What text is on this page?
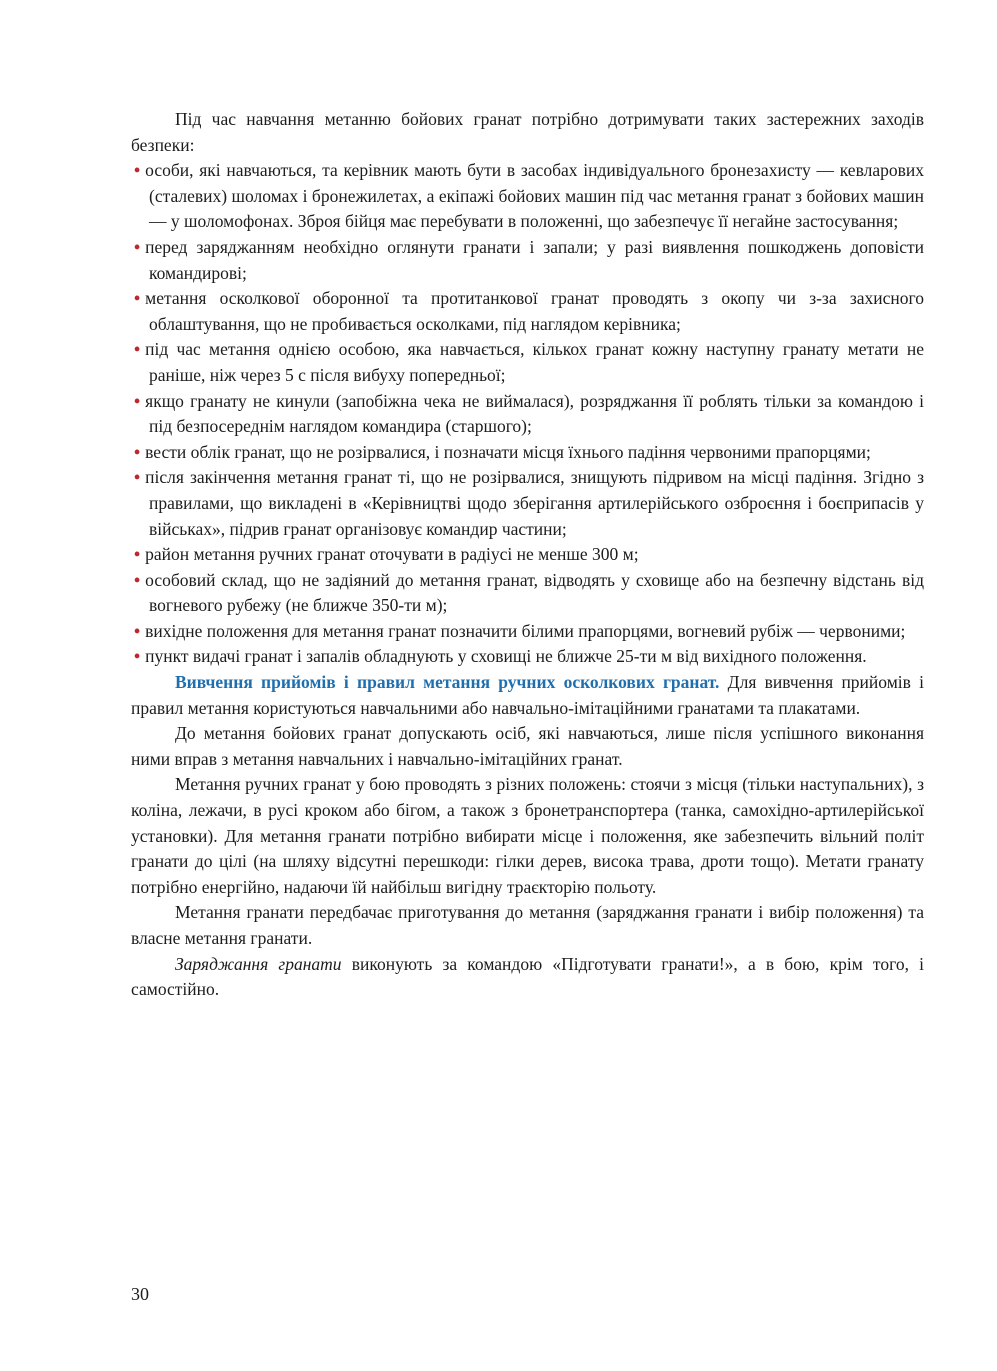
Під час навчання метанню бойових гранат потрібно дотримувати таких застережних заходів безпеки:

• особи, які навчаються, та керівник мають бути в засобах індивідуального бронезахисту — кевларових (сталевих) шоломах і бронежилетах, а екіпажі бойових машин під час метання гранат з бойових машин — у шоломофонах. Зброя бійця має перебувати в положенні, що забезпечує її негайне застосування;
• перед заряджанням необхідно оглянути гранати і запали; у разі виявлення пошкоджень доповісти командирові;
• метання осколкової оборонної та протитанкової гранат проводять з окопу чи з-за захисного облаштування, що не пробивається осколками, під наглядом керівника;
• під час метання однією особою, яка навчається, кількох гранат кожну наступну гранату метати не раніше, ніж через 5 с після вибуху попередньої;
• якщо гранату не кинули (запобіжна чека не виймалася), розряджання її роблять тільки за командою і під безпосереднім наглядом командира (старшого);
• вести облік гранат, що не розірвалися, і позначати місця їхнього падіння червоними прапорцями;
• після закінчення метання гранат ті, що не розірвалися, знищують підривом на місці падіння. Згідно з правилами, що викладені в «Керівництві щодо зберігання артилерійського озброєння і боєприпасів у військах», підрив гранат організовує командир частини;
• район метання ручних гранат оточувати в радіусі не менше 300 м;
• особовий склад, що не задіяний до метання гранат, відводять у сховище або на безпечну відстань від вогневого рубежу (не ближче 350-ти м);
• вихідне положення для метання гранат позначити білими прапорцями, вогневий рубіж — червоними;
• пункт видачі гранат і запалів обладнують у сховищі не ближче 25-ти м від вихідного положення.

Вивчення прийомів і правил метання ручних осколкових гранат. Для вивчення прийомів і правил метання користуються навчальними або навчально-імітаційними гранатами та плакатами.

До метання бойових гранат допускають осіб, які навчаються, лише після успішного виконання ними вправ з метання навчальних і навчально-імітаційних гранат.

Метання ручних гранат у бою проводять з різних положень: стоячи з місця (тільки наступальних), з коліна, лежачи, в русі кроком або бігом, а також з бронетранспортера (танка, самохідно-артилерійської установки). Для метання гранати потрібно вибирати місце і положення, яке забезпечить вільний політ гранати до цілі (на шляху відсутні перешкоди: гілки дерев, висока трава, дроти тощо). Метати гранату потрібно енергійно, надаючи їй найбільш вигідну траєкторію польоту.

Метання гранати передбачає приготування до метання (заряджання гранати і вибір положення) та власне метання гранати.

Заряджання гранати виконують за командою «Підготувати гранати!», а в бою, крім того, і самостійно.

30
